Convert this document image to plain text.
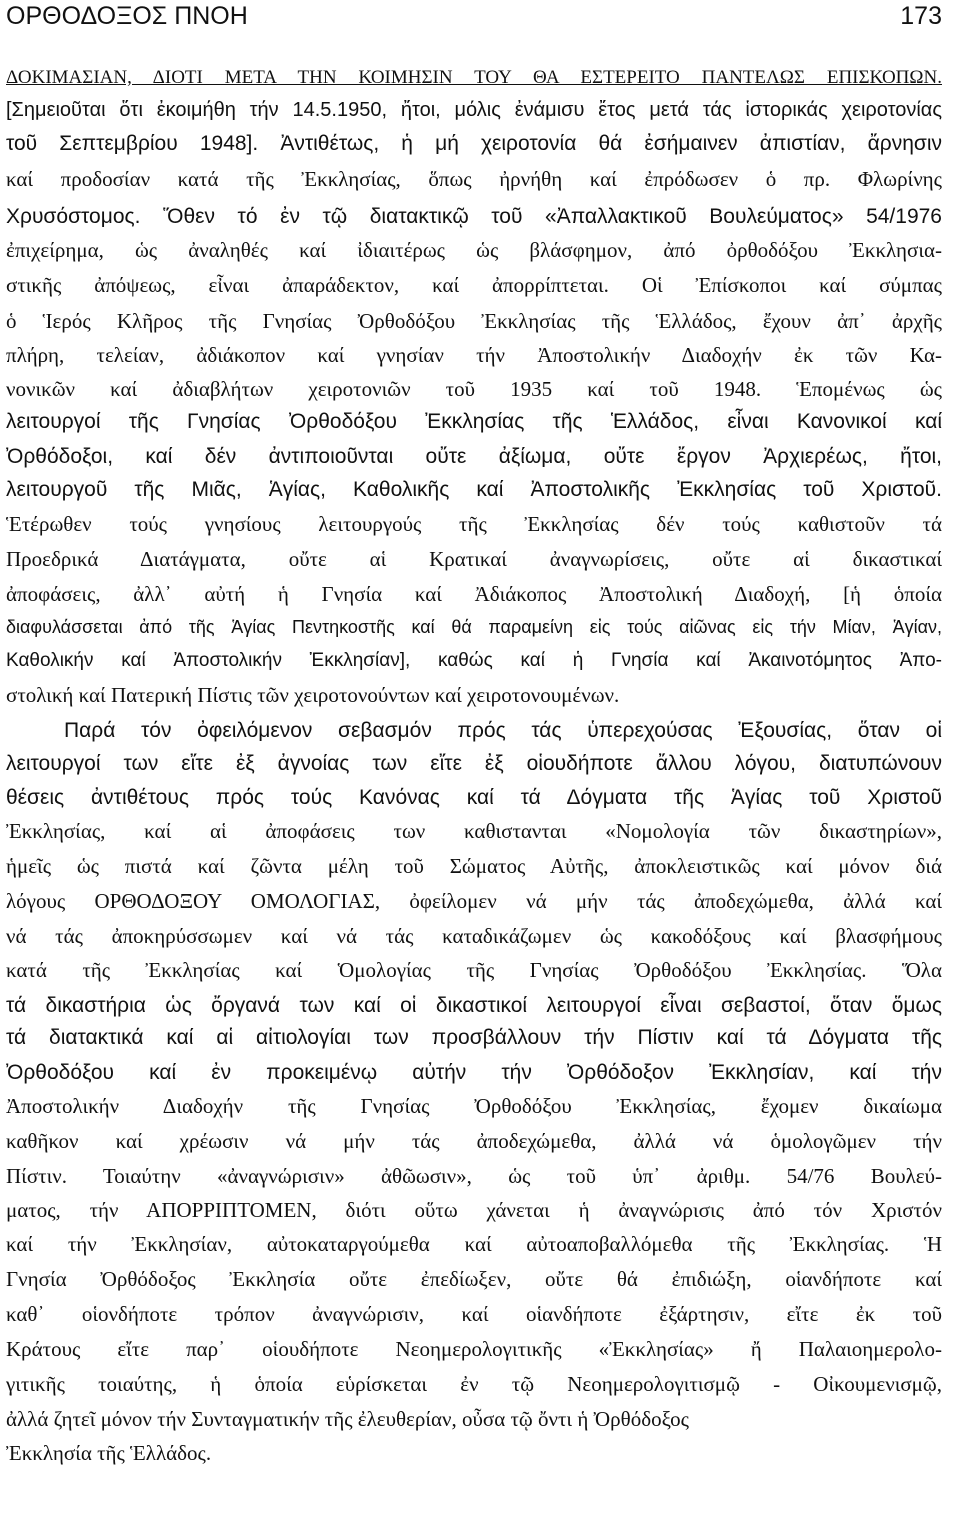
ΟΡΘΟΔΟΞΟΣ ΠΝΟΗ	173
ΔΟΚΙΜΑΣΙΑΝ, ΔΙΟΤΙ ΜΕΤΑ ΤΗΝ ΚΟΙΜΗΣΙΝ ΤΟΥ ΘΑ ΕΣΤΕΡΕΙΤΟ ΠΑΝΤΕΛΩΣ ΕΠΙΣΚΟΠΩΝ.
[Σημειοῦται ὅτι ἐκοιμήθη τήν 14.5.1950, ἤτοι, μόλις ἐνάμισυ ἔτος μετά τάς ἱστορικάς χειροτονίας
τοῦ Σεπτεμβρίου 1948]. Ἀντιθέτως, ἡ μή χειροτονία θά ἐσήμαινεν ἀπιστίαν, ἄρνησιν
καί προδοσίαν κατά τῆς Ἐκκλησίας, ὅπως ἠρνήθη καί ἐπρόδωσεν ὁ πρ. Φλωρίνης
Χρυσόστομος. Ὅθεν τό ἐν τῷ διατακτικῷ τοῦ «Ἀπαλλακτικοῦ Βουλεύματος» 54/1976
ἐπιχείρημα, ὡς ἀναληθές καί ἰδιαιτέρως ὡς βλάσφημον, ἀπό ὀρθοδόξου Ἐκκλησια-
στικῆς ἀπόψεως, εἶναι ἀπαράδεκτον, καί ἀπορρίπτεται. Οἱ Ἐπίσκοποι καί σύμπας
ὁ Ἱερός Κλῆρος τῆς Γνησίας Ὀρθοδόξου Ἐκκλησίας τῆς Ἑλλάδος, ἔχουν ἀπ᾿ ἀρχῆς
πλήρη, τελείαν, ἀδιάκοπον καί γνησίαν τήν Ἀποστολικήν Διαδοχήν ἐκ τῶν Κα-
νονικῶν καί ἀδιαβλήτων χειροτονιῶν τοῦ 1935 καί τοῦ 1948. Ἑπομένως ὡς
λειτουργοί τῆς Γνησίας Ὀρθοδόξου Ἐκκλησίας τῆς Ἑλλάδος, εἶναι Κανονικοί καί
Ὀρθόδοξοι, καί δέν ἀντιποιοῦνται οὔτε ἀξίωμα, οὔτε ἔργον Ἀρχιερέως, ἤτοι,
λειτουργοῦ τῆς Μιᾶς, Ἁγίας, Καθολικῆς καί Ἀποστολικῆς Ἐκκλησίας τοῦ Χριστοῦ.
Ἑτέρωθεν τούς γνησίους λειτουργούς τῆς Ἐκκλησίας δέν τούς καθιστοῦν τά
Προεδρικά Διατάγματα, οὔτε αἱ Κρατικαί ἀναγνωρίσεις, οὔτε αἱ δικαστικαί
ἀποφάσεις, ἀλλ᾿ αὐτή ἡ Γνησία καί Ἀδιάκοπος Ἀποστολική Διαδοχή, [ἡ ὁποία
διαφυλάσσεται ἀπό τῆς Ἁγίας Πεντηκοστῆς καί θά παραμείνη εἰς τούς αἰῶνας εἰς τήν Μίαν, Ἁγίαν,
Καθολικήν καί Ἀποστολικήν Ἐκκλησίαν], καθώς καί ἡ Γνησία καί Ἀκαινοτόμητος Ἀπο-
στολική καί Πατερική Πίστις τῶν χειροτονούντων καί χειροτονουμένων.
Παρά τόν ὀφειλόμενον σεβασμόν πρός τάς ὑπερεχούσας Ἐξουσίας, ὅταν οἱ
λειτουργοί των εἴτε ἐξ ἀγνοίας των εἴτε ἐξ οἱουδήποτε ἄλλου λόγου, διατυπώνουν
θέσεις ἀντιθέτους πρός τούς Κανόνας καί τά Δόγματα τῆς Ἁγίας τοῦ Χριστοῦ
Ἐκκλησίας, καί αἱ ἀποφάσεις των καθιστανται «Νομολογία τῶν δικαστηρίων»,
ἡμεῖς ὡς πιστά καί ζῶντα μέλη τοῦ Σώματος Αὐτῆς, ἀποκλειστικῶς καί μόνον διά
λόγους ΟΡΘΟΔΟΞΟΥ ΟΜΟΛΟΓΙΑΣ, ὀφείλομεν νά μήν τάς ἀποδεχώμεθα, ἀλλά καί
νά τάς ἀποκηρύσσωμεν καί νά τάς καταδικάζωμεν ὡς κακοδόξους καί βλασφήμους
κατά τῆς Ἐκκλησίας καί Ὁμολογίας τῆς Γνησίας Ὀρθοδόξου Ἐκκλησίας. Ὅλα
τά δικαστήρια ὡς ὄργανά των καί οἱ δικαστικοί λειτουργοί εἶναι σεβαστοί, ὅταν ὅμως
τά διατακτικά καί αἱ αἰτιολογίαι των προσβάλλουν τήν Πίστιν καί τά Δόγματα τῆς
Ὀρθοδόξου καί ἐν προκειμένῳ αὐτήν τήν Ὀρθόδοξον Ἐκκλησίαν, καί τήν
Ἀποστολικήν Διαδοχήν τῆς Γνησίας Ὀρθοδόξου Ἐκκλησίας, ἔχομεν δικαίωμα
καθῆκον καί χρέωσιν νά μήν τάς ἀποδεχώμεθα, ἀλλά νά ὁμολογῶμεν τήν
Πίστιν. Τοιαύτην «ἀναγνώρισιν» ἀθῶωσιν», ὡς τοῦ ὑπ᾿ ἀριθμ. 54/76 Βουλεύ-
ματος, τήν ΑΠΟΡΡΙΠΤΟΜΕΝ, διότι οὕτω χάνεται ἡ ἀναγνώρισις ἀπό τόν Χριστόν
καί τήν Ἐκκλησίαν, αὐτοκαταργούμεθα καί αὐτοαποβαλλόμεθα τῆς Ἐκκλησίας. Ἡ
Γνησία Ὀρθόδοξος Ἐκκλησία οὔτε ἐπεδίωξεν, οὔτε θά ἐπιδιώξη, οἱανδήποτε καί
καθ᾿ οἱονδήποτε τρόπον ἀναγνώρισιν, καί οἱανδήποτε ἐξάρτησιν, εἴτε ἐκ τοῦ
Κράτους εἴτε παρ᾿ οἱουδήποτε Νεοημερολογιτικῆς «Ἐκκλησίας» ἤ Παλαιοημερολο-
γιτικῆς τοιαύτης, ἡ ὁποία εὑρίσκεται ἐν τῷ Νεοημερολογιτισμῷ - Οἰκουμενισμῷ,
ἀλλά ζητεῖ μόνον τήν Συνταγματικήν τῆς ἐλευθερίαν, οὖσα τῷ ὄντι ἡ Ὀρθόδοξος
Ἐκκλησία τῆς Ἑλλάδος.
